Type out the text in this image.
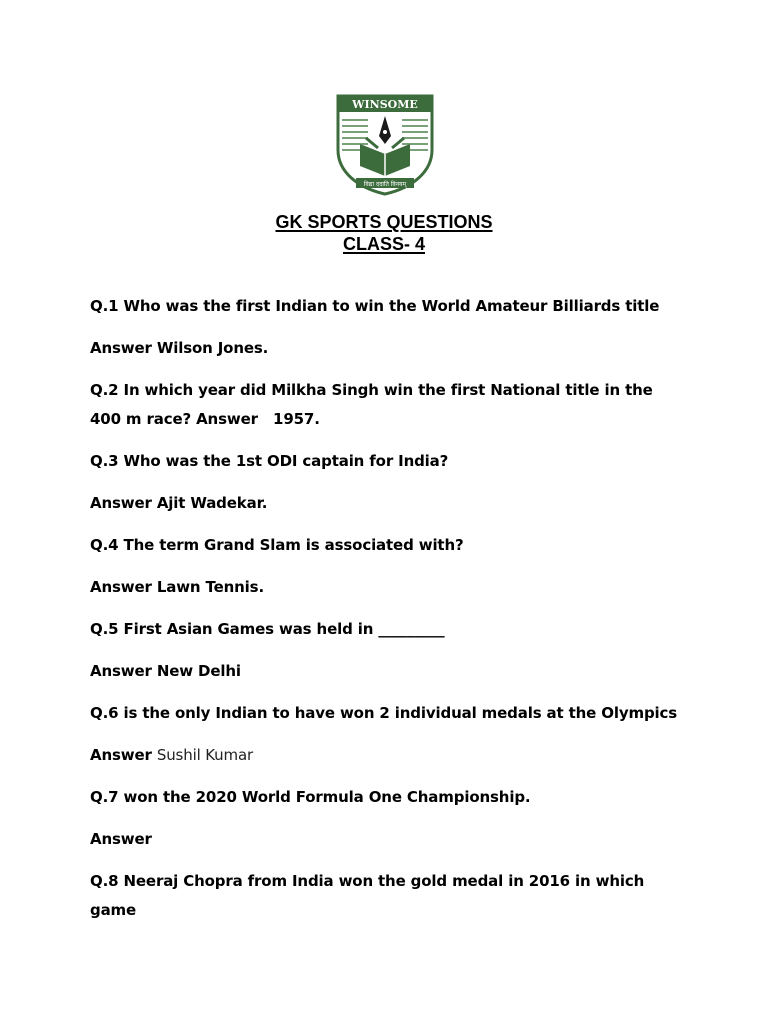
WINSOME
विद्या ददाति विनयम्
GK SPORTS QUESTIONS
CLASS- 4
Q.1 Who was the first Indian to win the World Amateur Billiards title
Answer Wilson Jones.
Q.2 In which year did Milkha Singh win the first National title in the
400 m race? Answer   1957.
Q.3 Who was the 1st ODI captain for India?
Answer Ajit Wadekar.
Q.4 The term Grand Slam is associated with?
Answer Lawn Tennis.
Q.5 First Asian Games was held in _________
Answer New Delhi
Q.6 is the only Indian to have won 2 individual medals at the Olympics
Answer Sushil Kumar
Q.7 won the 2020 World Formula One Championship.
Answer
Q.8 Neeraj Chopra from India won the gold medal in 2016 in which
game
